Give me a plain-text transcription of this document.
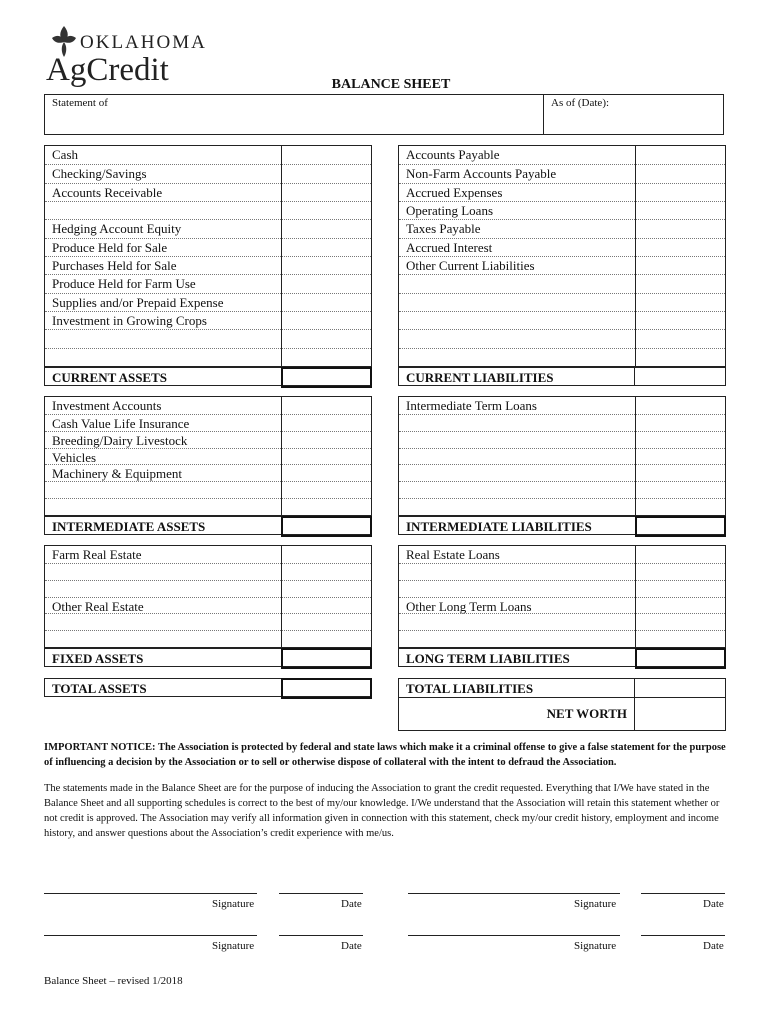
OKLAHOMA
AgCredit	BALANCE SHEET
Statement of	As of (Date):
Cash
Checking/Savings
Accounts Receivable
Hedging Account Equity
Produce Held for Sale
Purchases Held for Sale
Produce Held for Farm Use
Supplies and/or Prepaid Expense
Investment in Growing Crops
CURRENT ASSETS
Accounts Payable
Non-Farm Accounts Payable
Accrued Expenses
Operating Loans
Taxes Payable
Accrued Interest
Other Current Liabilities
CURRENT LIABILITIES
Investment Accounts
Cash Value Life Insurance
Breeding/Dairy Livestock
Vehicles
Machinery & Equipment
INTERMEDIATE ASSETS
Intermediate Term Loans
INTERMEDIATE LIABILITIES
Farm Real Estate
Other Real Estate
FIXED ASSETS
Real Estate Loans
Other Long Term Loans
LONG TERM LIABILITIES
TOTAL ASSETS	TOTAL LIABILITIES
NET WORTH
IMPORTANT NOTICE: The Association is protected by federal and state laws which make it a criminal offense to give a false statement for the purpose of influencing a decision by the Association or to sell or otherwise dispose of collateral with the intent to defraud the Association.
The statements made in the Balance Sheet are for the purpose of inducing the Association to grant the credit requested. Everything that I/We have stated in the Balance Sheet and all supporting schedules is correct to the best of my/our knowledge. I/We understand that the Association will retain this statement whether or not credit is approved. The Association may verify all information given in connection with this statement, check my/our credit history, employment and income history, and answer questions about the Association’s credit experience with me/us.
Signature	Date	Signature	Date
Signature	Date	Signature	Date
Balance Sheet – revised 1/2018
